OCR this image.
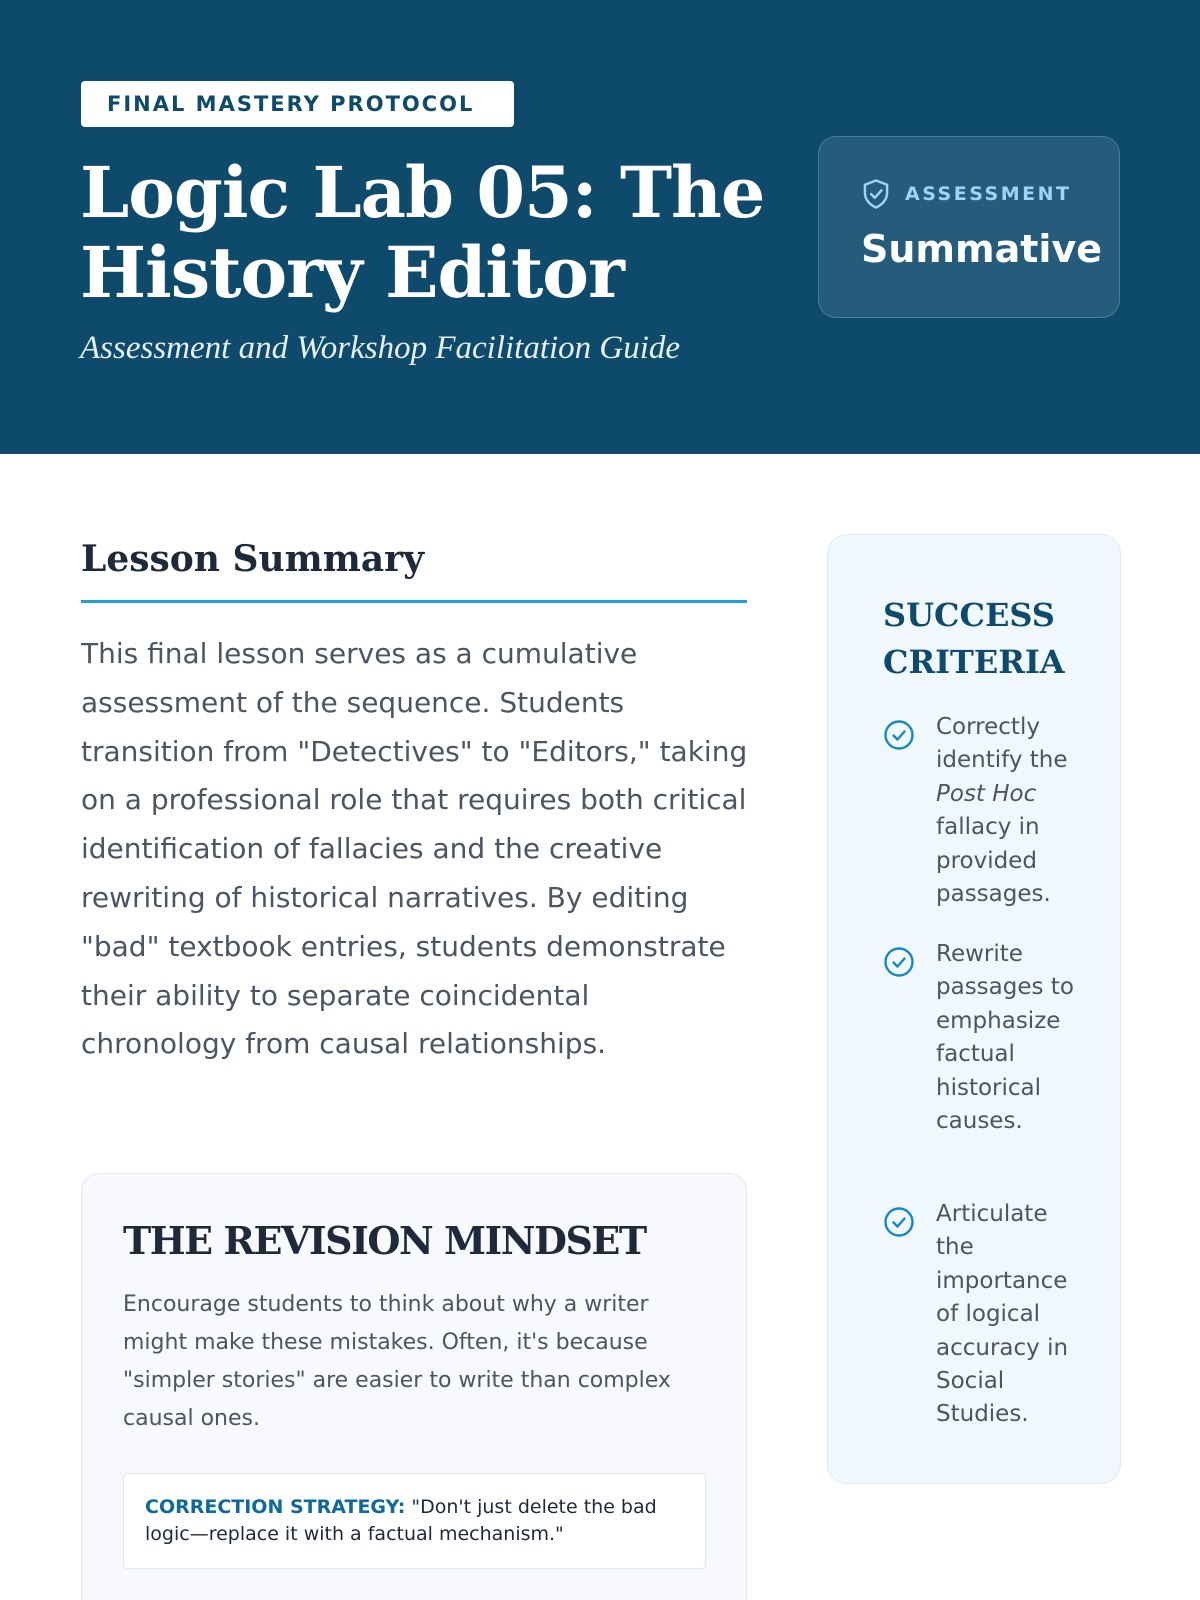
FINAL MASTERY PROTOCOL
Logic Lab 05: The History Editor
Assessment and Workshop Facilitation Guide
ASSESSMENT
Summative
Lesson Summary

This final lesson serves as a cumulative assessment of the sequence. Students transition from "Detectives" to "Editors," taking on a professional role that requires both critical identification of fallacies and the creative rewriting of historical narratives. By editing "bad" textbook entries, students demonstrate their ability to separate coincidental chronology from causal relationships.

THE REVISION MINDSET

Encourage students to think about why a writer might make these mistakes. Often, it's because "simpler stories" are easier to write than complex causal ones.

CORRECTION STRATEGY: "Don't just delete the bad logic—replace it with a factual mechanism."
SUCCESS CRITERIA
Correctly identify the Post Hoc fallacy in provided passages.
Rewrite passages to emphasize factual historical causes.
Articulate the importance of logical accuracy in Social Studies.
